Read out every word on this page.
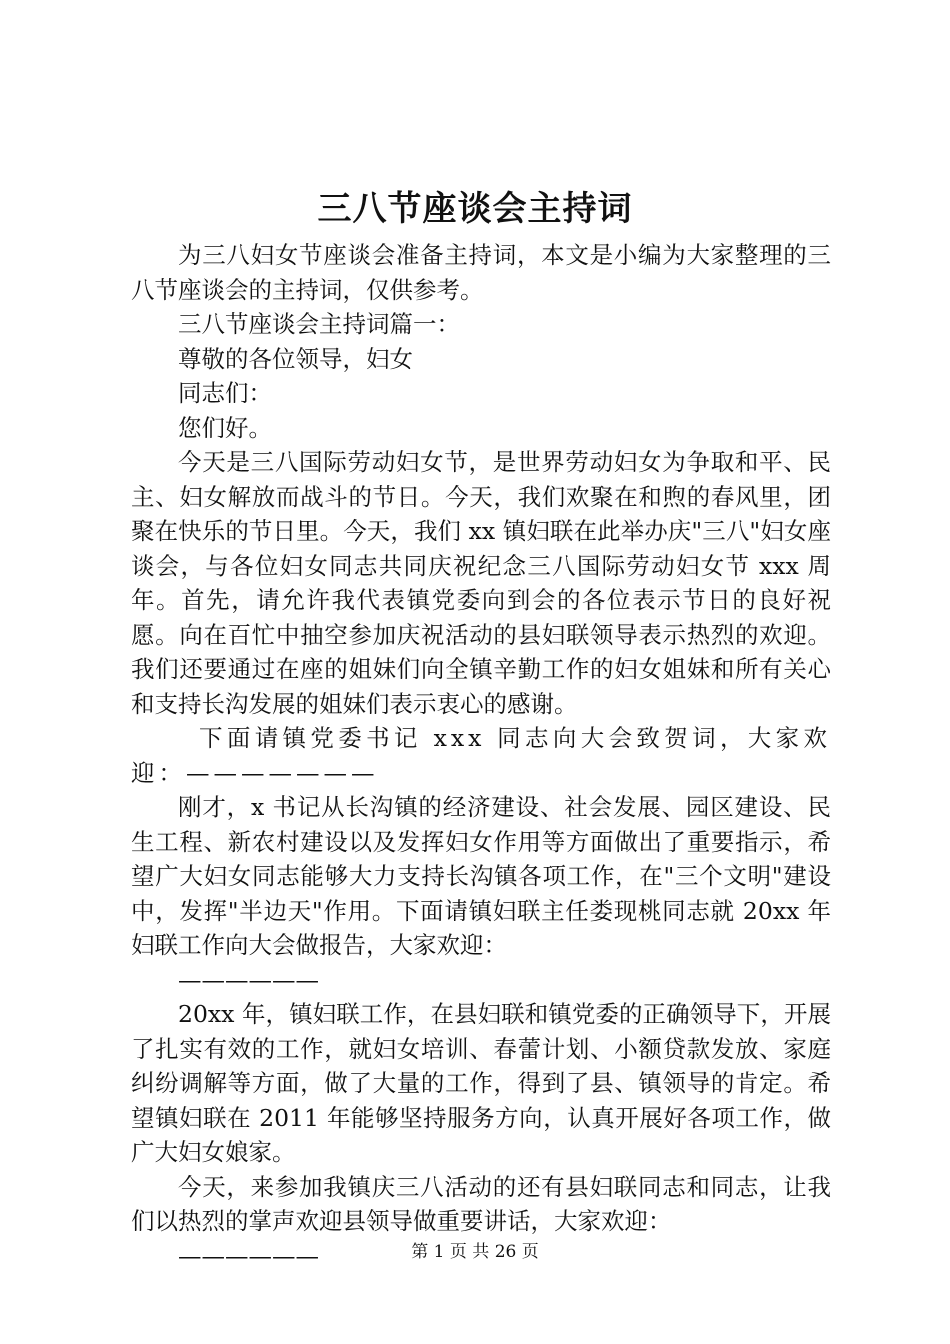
三八节座谈会主持词

为三八妇女节座谈会准备主持词，本文是小编为大家整理的三八节座谈会的主持词，仅供参考。

三八节座谈会主持词篇一：

尊敬的各位领导，妇女

同志们：

您们好。

今天是三八国际劳动妇女节，是世界劳动妇女为争取和平、民主、妇女解放而战斗的节日。今天，我们欢聚在和煦的春风里，团聚在快乐的节日里。今天，我们 xx 镇妇联在此举办庆"三八"妇女座谈会，与各位妇女同志共同庆祝纪念三八国际劳动妇女节 xxx 周年。首先，请允许我代表镇党委向到会的各位表示节日的良好祝愿。向在百忙中抽空参加庆祝活动的县妇联领导表示热烈的欢迎。我们还要通过在座的姐妹们向全镇辛勤工作的妇女姐妹和所有关心和支持长沟发展的姐妹们表示衷心的感谢。

下面请镇党委书记 xxx 同志向大会致贺词，大家欢迎：———————

刚才，x 书记从长沟镇的经济建设、社会发展、园区建设、民生工程、新农村建设以及发挥妇女作用等方面做出了重要指示，希望广大妇女同志能够大力支持长沟镇各项工作，在"三个文明"建设中，发挥"半边天"作用。下面请镇妇联主任娄现桃同志就 20xx 年妇联工作向大会做报告，大家欢迎：

——————

20xx 年，镇妇联工作，在县妇联和镇党委的正确领导下，开展了扎实有效的工作，就妇女培训、春蕾计划、小额贷款发放、家庭纠纷调解等方面，做了大量的工作，得到了县、镇领导的肯定。希望镇妇联在 2011 年能够坚持服务方向，认真开展好各项工作，做广大妇女娘家。

今天，来参加我镇庆三八活动的还有县妇联同志和同志，让我们以热烈的掌声欢迎县领导做重要讲话，大家欢迎：

——————	第 1 页 共 26 页
